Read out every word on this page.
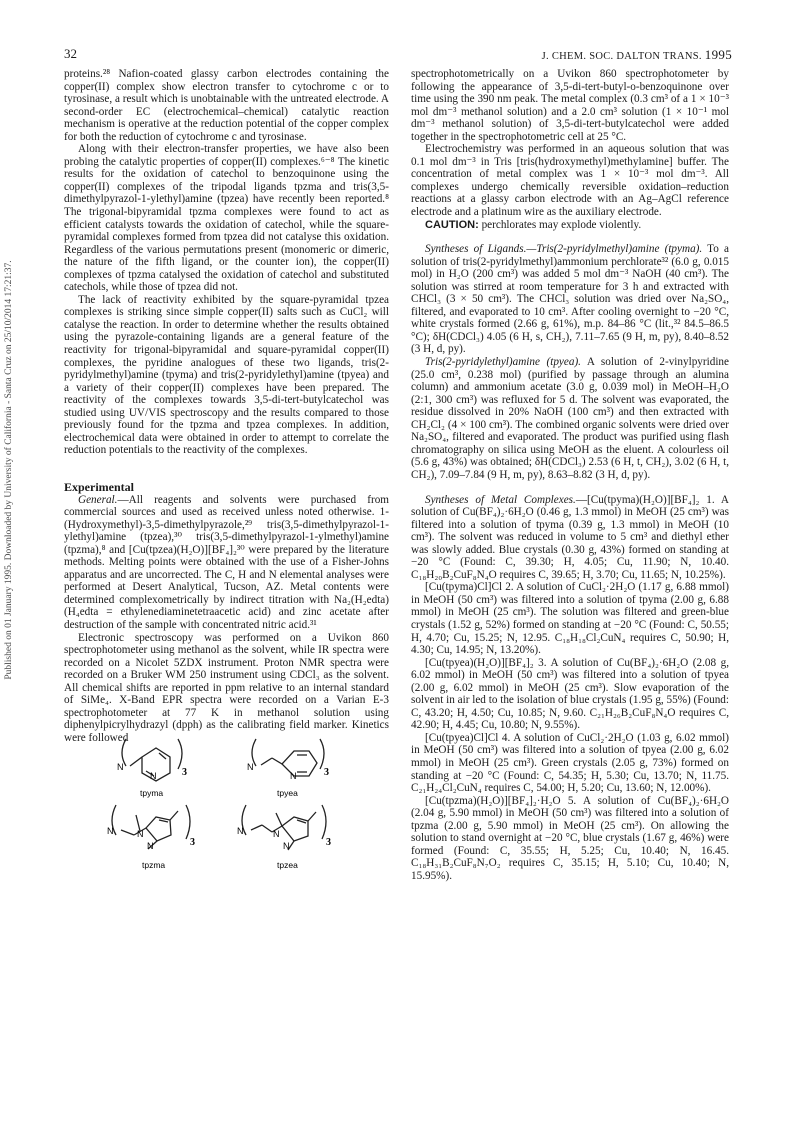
32	J. CHEM. SOC. DALTON TRANS. 1995
Published on 01 January 1995. Downloaded by University of California - Santa Cruz on 25/10/2014 17:21:37.

proteins.²⁸ Nafion-coated glassy carbon electrodes containing the copper(II) complex show electron transfer to cytochrome c or to tyrosinase, a result which is unobtainable with the untreated electrode. A second-order EC (electrochemical–chemical) catalytic reaction mechanism is operative at the reduction potential of the copper complex for both the reduction of cytochrome c and tyrosinase.

Along with their electron-transfer properties, we have also been probing the catalytic properties of copper(II) complexes.⁶⁻⁸ The kinetic results for the oxidation of catechol to benzoquinone using the copper(II) complexes of the tripodal ligands tpzma and tris(3,5-dimethylpyrazol-1-ylethyl)amine (tpzea) have recently been reported.⁸ The trigonal-bipyramidal tpzma complexes were found to act as efficient catalysts towards the oxidation of catechol, while the square-pyramidal complexes formed from tpzea did not catalyse this oxidation. Regardless of the various permutations present (monomeric or dimeric, the nature of the fifth ligand, or the counter ion), the copper(II) complexes of tpzma catalysed the oxidation of catechol and substituted catechols, while those of tpzea did not.

The lack of reactivity exhibited by the square-pyramidal tpzea complexes is striking since simple copper(II) salts such as CuCl₂ will catalyse the reaction. In order to determine whether the results obtained using the pyrazole-containing ligands are a general feature of the reactivity for trigonal-bipyramidal and square-pyramidal copper(II) complexes, the pyridine analogues of these two ligands, tris(2-pyridylmethyl)amine (tpyma) and tris(2-pyridylethyl)amine (tpyea) and a variety of their copper(II) complexes have been prepared. The reactivity of the complexes towards 3,5-di-tert-butylcatechol was studied using UV/VIS spectroscopy and the results compared to those previously found for the tpzma and tpzea complexes. In addition, electrochemical data were obtained in order to attempt to correlate the reduction potentials to the reactivity of the complexes.

Experimental

General.—All reagents and solvents were purchased from commercial sources and used as received unless noted otherwise. 1-(Hydroxymethyl)-3,5-dimethylpyrazole,²⁹ tris(3,5-dimethylpyrazol-1-ylethyl)amine (tpzea),³⁰ tris(3,5-dimethylpyrazol-1-ylmethyl)amine (tpzma),⁸ and [Cu(tpzea)(H₂O)][BF₄]₂³⁰ were prepared by the literature methods. Melting points were obtained with the use of a Fisher-Johns apparatus and are uncorrected. The C, H and N elemental analyses were performed at Desert Analytical, Tucson, AZ. Metal contents were determined complexometrically by indirect titration with Na₂(H₂edta) (H₄edta = ethylenediaminetetraacetic acid) and zinc acetate after destruction of the sample with concentrated nitric acid.³¹

Electronic spectroscopy was performed on a Uvikon 860 spectrophotometer using methanol as the solvent, while IR spectra were recorded on a Nicolet 5ZDX instrument. Proton NMR spectra were recorded on a Bruker WM 250 instrument using CDCl₃ as the solvent. All chemical shifts are reported in ppm relative to an internal standard of SiMe₄. X-Band EPR spectra were recorded on a Varian E-3 spectrophotometer at 77 K in methanol solution using diphenylpicrylhydrazyl (dpph) as the calibrating field marker. Kinetics were followed

N
N	3
tpyma
N
N	3
tpyea
N	N
N	3
tpzma
N	N
N	3
tpzea

spectrophotometrically on a Uvikon 860 spectrophotometer by following the appearance of 3,5-di-tert-butyl-o-benzoquinone over time using the 390 nm peak. The metal complex (0.3 cm³ of a 1 × 10⁻³ mol dm⁻³ methanol solution) and a 2.0 cm³ solution (1 × 10⁻¹ mol dm⁻³ methanol solution) of 3,5-di-tert-butylcatechol were added together in the spectrophotometric cell at 25 °C.

Electrochemistry was performed in an aqueous solution that was 0.1 mol dm⁻³ in Tris [tris(hydroxymethyl)methylamine] buffer. The concentration of metal complex was 1 × 10⁻³ mol dm⁻³. All complexes undergo chemically reversible oxidation–reduction reactions at a glassy carbon electrode with an Ag–AgCl reference electrode and a platinum wire as the auxiliary electrode.

CAUTION: perchlorates may explode violently.

Syntheses of Ligands.—Tris(2-pyridylmethyl)amine (tpyma). To a solution of tris(2-pyridylmethyl)ammonium perchlorate³² (6.0 g, 0.015 mol) in H₂O (200 cm³) was added 5 mol dm⁻³ NaOH (40 cm³). The solution was stirred at room temperature for 3 h and extracted with CHCl₃ (3 × 50 cm³). The CHCl₃ solution was dried over Na₂SO₄, filtered, and evaporated to 10 cm³. After cooling overnight to −20 °C, white crystals formed (2.66 g, 61%), m.p. 84–86 °C (lit.,³² 84.5–86.5 °C); δH(CDCl₃) 4.05 (6 H, s, CH₂), 7.11–7.65 (9 H, m, py), 8.40–8.52 (3 H, d, py).

Tris(2-pyridylethyl)amine (tpyea). A solution of 2-vinylpyridine (25.0 cm³, 0.238 mol) (purified by passage through an alumina column) and ammonium acetate (3.0 g, 0.039 mol) in MeOH–H₂O (2:1, 300 cm³) was refluxed for 5 d. The solvent was evaporated, the residue dissolved in 20% NaOH (100 cm³) and then extracted with CH₂Cl₂ (4 × 100 cm³). The combined organic solvents were dried over Na₂SO₄, filtered and evaporated. The product was purified using flash chromatography on silica using MeOH as the eluent. A colourless oil (5.6 g, 43%) was obtained; δH(CDCl₃) 2.53 (6 H, t, CH₂), 3.02 (6 H, t, CH₂), 7.09–7.84 (9 H, m, py), 8.63–8.82 (3 H, d, py).

Syntheses of Metal Complexes.—[Cu(tpyma)(H₂O)][BF₄]₂ 1. A solution of Cu(BF₄)₂·6H₂O (0.46 g, 1.3 mmol) in MeOH (25 cm³) was filtered into a solution of tpyma (0.39 g, 1.3 mmol) in MeOH (10 cm³). The solvent was reduced in volume to 5 cm³ and diethyl ether was slowly added. Blue crystals (0.30 g, 43%) formed on standing at −20 °C (Found: C, 39.30; H, 4.05; Cu, 11.90; N, 10.40. C₁₈H₂₀B₂CuF₈N₄O requires C, 39.65; H, 3.70; Cu, 11.65; N, 10.25%).

[Cu(tpyma)Cl]Cl 2. A solution of CuCl₂·2H₂O (1.17 g, 6.88 mmol) in MeOH (50 cm³) was filtered into a solution of tpyma (2.00 g, 6.88 mmol) in MeOH (25 cm³). The solution was filtered and green-blue crystals (1.52 g, 52%) formed on standing at −20 °C (Found: C, 50.55; H, 4.70; Cu, 15.25; N, 12.95. C₁₈H₁₈Cl₂CuN₄ requires C, 50.90; H, 4.30; Cu, 14.95; N, 13.20%).

[Cu(tpyea)(H₂O)][BF₄]₂ 3. A solution of Cu(BF₄)₂·6H₂O (2.08 g, 6.02 mmol) in MeOH (50 cm³) was filtered into a solution of tpyea (2.00 g, 6.02 mmol) in MeOH (25 cm³). Slow evaporation of the solvent in air led to the isolation of blue crystals (1.95 g, 55%) (Found: C, 43.20; H, 4.50; Cu, 10.85; N, 9.60. C₂₁H₂₆B₂CuF₈N₄O requires C, 42.90; H, 4.45; Cu, 10.80; N, 9.55%).

[Cu(tpyea)Cl]Cl 4. A solution of CuCl₂·2H₂O (1.03 g, 6.02 mmol) in MeOH (50 cm³) was filtered into a solution of tpyea (2.00 g, 6.02 mmol) in MeOH (25 cm³). Green crystals (2.05 g, 73%) formed on standing at −20 °C (Found: C, 54.35; H, 5.30; Cu, 13.70; N, 11.75. C₂₁H₂₄Cl₂CuN₄ requires C, 54.00; H, 5.20; Cu, 13.60; N, 12.00%).

[Cu(tpzma)(H₂O)][BF₄]₂·H₂O 5. A solution of Cu(BF₄)₂·6H₂O (2.04 g, 5.90 mmol) in MeOH (50 cm³) was filtered into a solution of tpzma (2.00 g, 5.90 mmol) in MeOH (25 cm³). On allowing the solution to stand overnight at −20 °C, blue crystals (1.67 g, 46%) were formed (Found: C, 35.55; H, 5.25; Cu, 10.40; N, 16.45. C₁₈H₃₁B₂CuF₈N₇O₂ requires C, 35.15; H, 5.10; Cu, 10.40; N, 15.95%).
